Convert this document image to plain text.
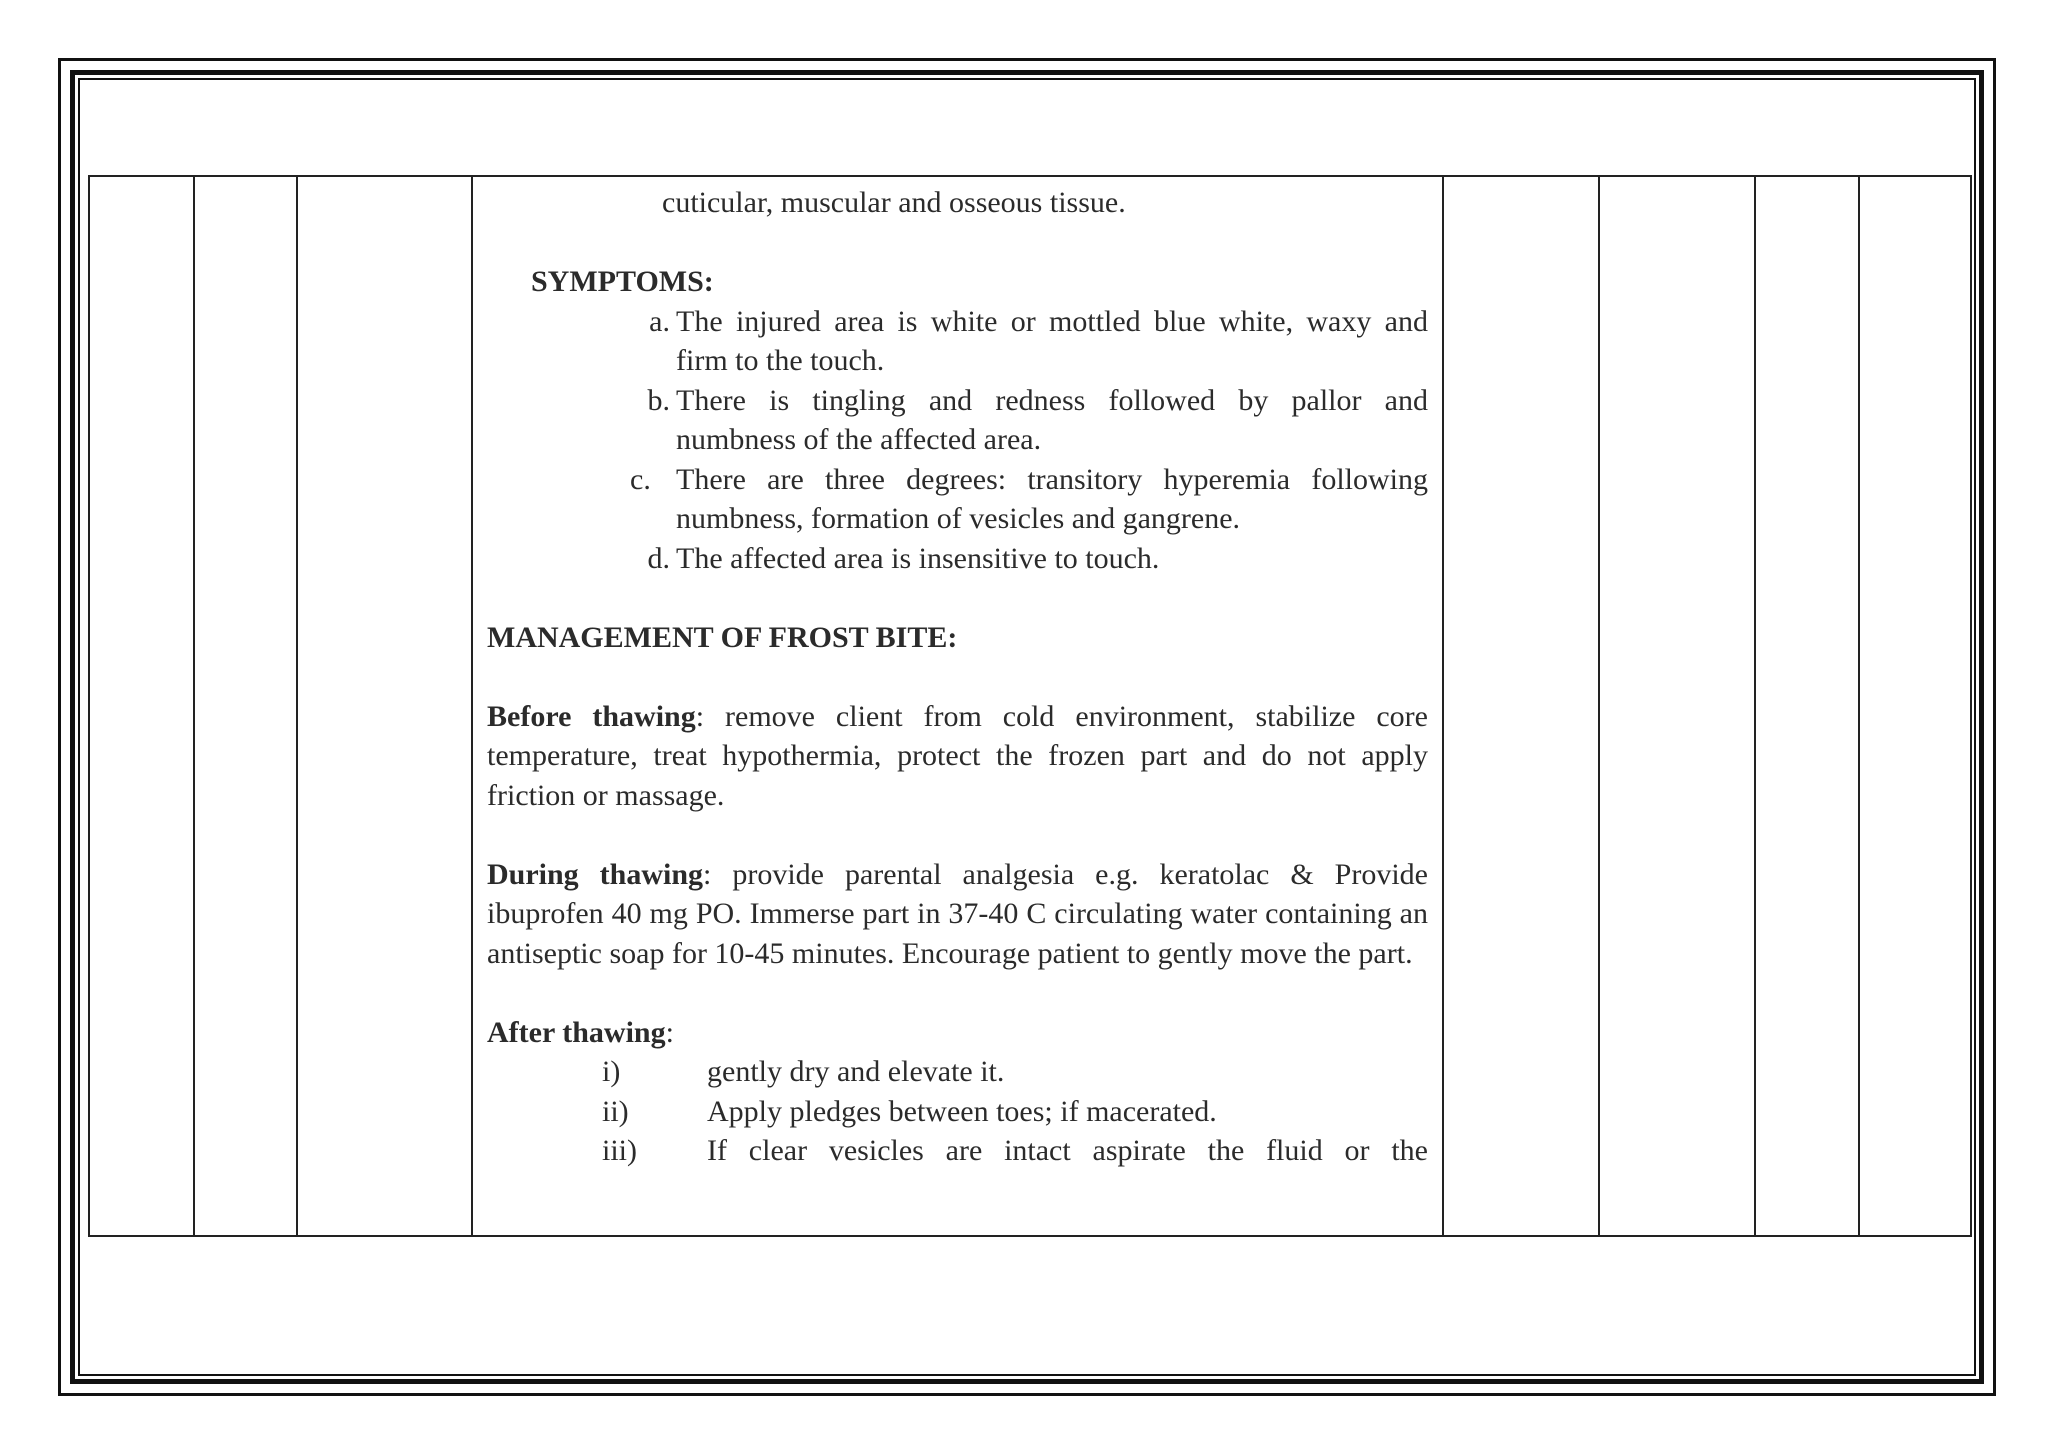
cuticular, muscular and osseous tissue.

SYMPTOMS:

a. The injured area is white or mottled blue white, waxy and firm to the touch.
b. There is tingling and redness followed by pallor and numbness of the affected area.
c. There are three degrees: transitory hyperemia following numbness, formation of vesicles and gangrene.
d. The affected area is insensitive to touch.

MANAGEMENT OF FROST BITE:

Before thawing: remove client from cold environment, stabilize core temperature, treat hypothermia, protect the frozen part and do not apply friction or massage.

During thawing: provide parental analgesia e.g. keratolac & Provide ibuprofen 40 mg PO. Immerse part in 37-40 C circulating water containing an antiseptic soap for 10-45 minutes. Encourage patient to gently move the part.

After thawing:

i)	gently dry and elevate it.
ii)	Apply pledges between toes; if macerated.
iii) If clear vesicles are intact aspirate the fluid or the
